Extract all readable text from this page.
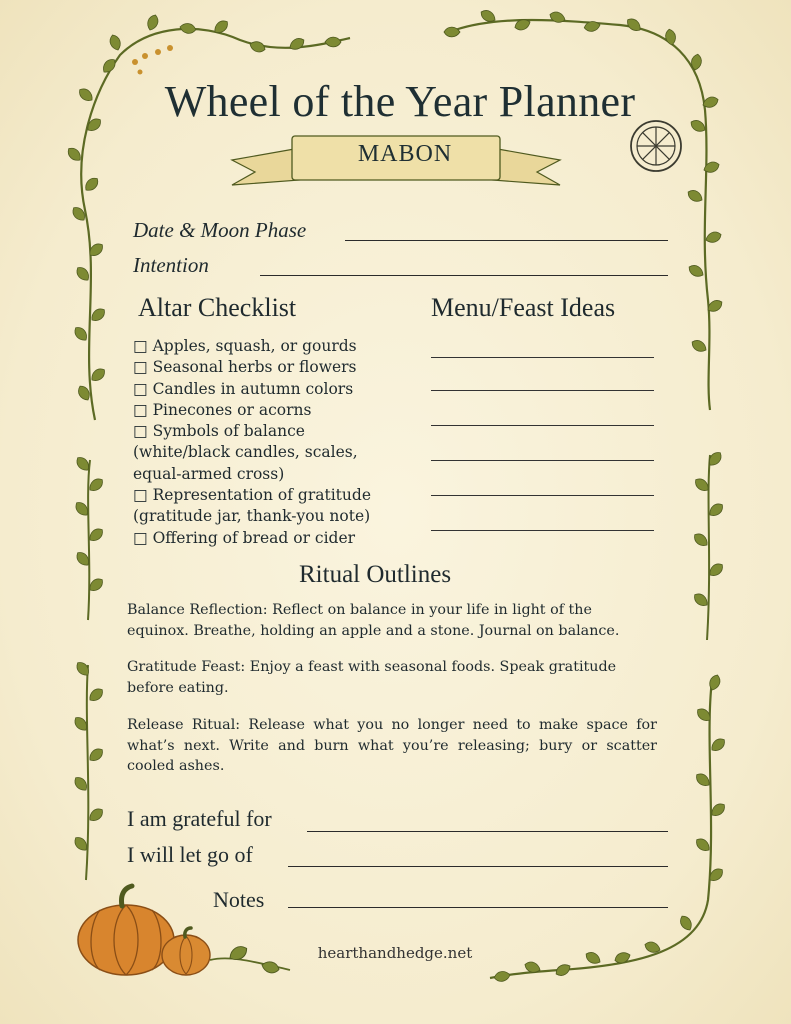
Wheel of the Year Planner
MABON
Date & Moon Phase
Intention
Altar Checklist
□ Apples, squash, or gourds
□ Seasonal herbs or flowers
□ Candles in autumn colors
□ Pinecones or acorns
□ Symbols of balance
(white/black candles, scales,
equal-armed cross)
□ Representation of gratitude
(gratitude jar, thank-you note)
□ Offering of bread or cider
Menu/Feast Ideas
Ritual Outlines
Balance Reflection: Reflect on balance in your life in light of the equinox. Breathe, holding an apple and a stone. Journal on balance.
Gratitude Feast: Enjoy a feast with seasonal foods. Speak gratitude before eating.
Release Ritual: Release what you no longer need to make space for what’s next. Write and burn what you’re releasing; bury or scatter cooled ashes.
I am grateful for
I will let go of
Notes
hearthandhedge.net
